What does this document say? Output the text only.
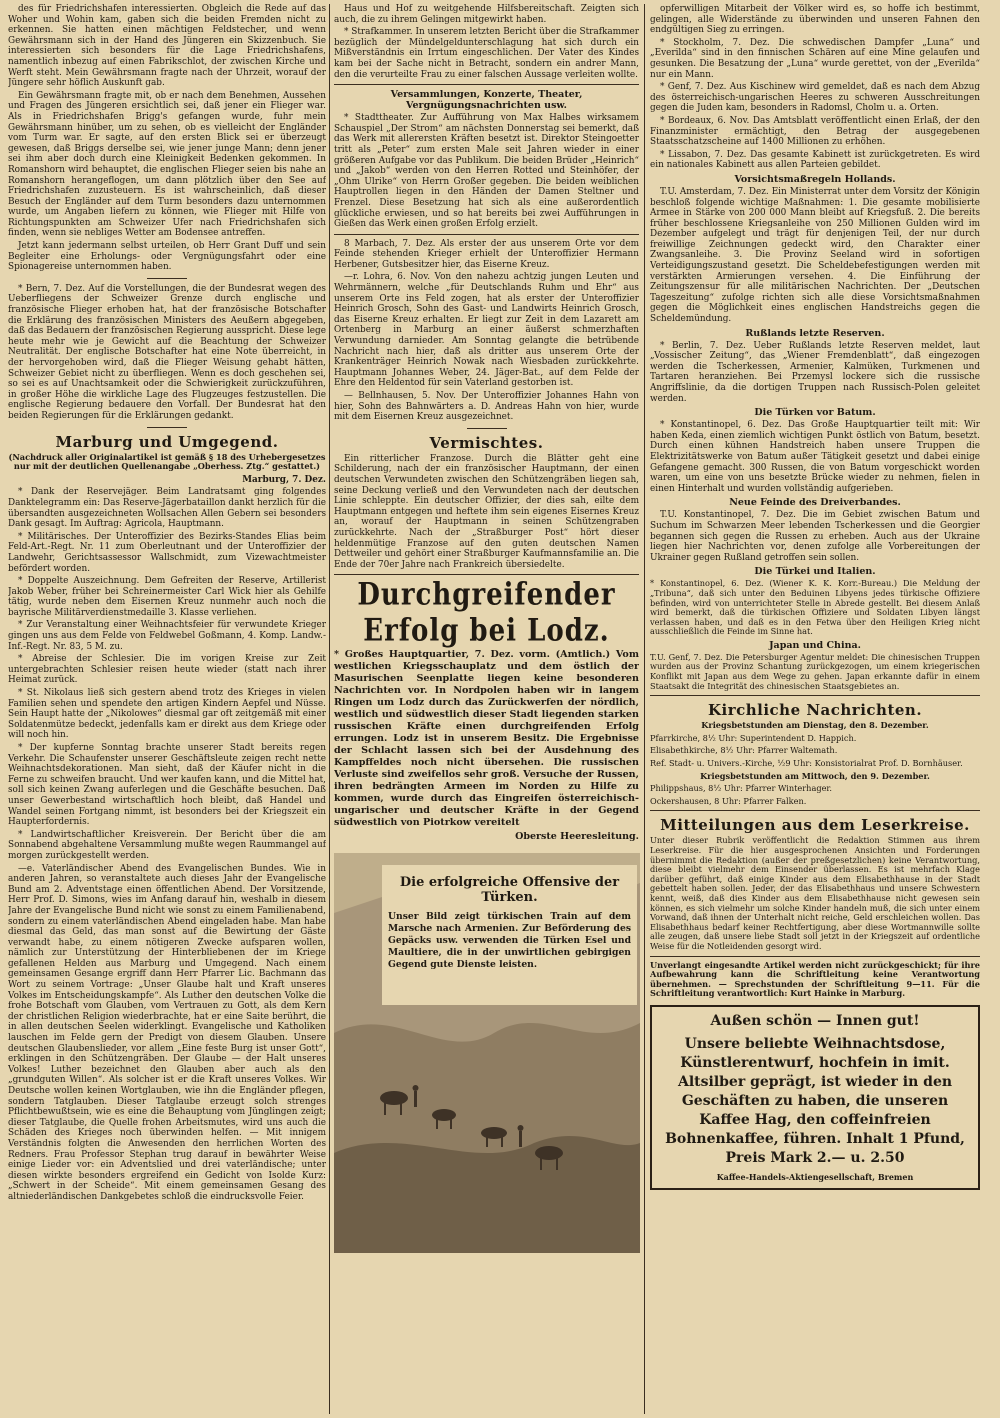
des für Friedrichshafen interessierten. Obgleich die Rede auf das Woher und Wohin kam, gaben sich die beiden Fremden nicht zu erkennen. Sie hatten einen mächtigen Feldstecher, und wenn Gewährsmann sich in der Hand des Jüngeren ein Skizzenbuch. Sie interessierten sich besonders für die Lage Friedrichshafens, namentlich inbezug auf einen Fabrikschlot, der zwischen Kirche und Werft steht. Mein Gewährsmann fragte nach der Uhrzeit, worauf der Jüngere sehr höflich Auskunft gab.

Ein Gewährsmann fragte mit, ob er nach dem Benehmen, Aussehen und Fragen des Jüngeren ersichtlich sei, daß jener ein Flieger war. Als in Friedrichshafen Brigg's gefangen wurde, fuhr mein Gewährsmann hinüber, um zu sehen, ob es vielleicht der Engländer vom Turm war. Er sagte, auf den ersten Blick sei er überzeugt gewesen, daß Briggs derselbe sei, wie jener junge Mann; denn jener sei ihm aber doch durch eine Kleinigkeit Bedenken gekommen. In Romanshorn wird behauptet, die englischen Flieger seien bis nahe an Romanshorn herangeflogen, um dann plötzlich über den See auf Friedrichshafen zuzusteuern. Es ist wahrscheinlich, daß dieser Besuch der Engländer auf dem Turm besonders dazu unternommen wurde, um Angaben liefern zu können, wie Flieger mit Hilfe von Richtungspunkten am Schweizer Ufer nach Friedrichshafen sich finden, wenn sie nebliges Wetter am Bodensee antreffen.

Jetzt kann jedermann selbst urteilen, ob Herr Grant Duff und sein Begleiter eine Erholungs- oder Vergnügungsfahrt oder eine Spionagereise unternommen haben.

* Bern, 7. Dez. Auf die Vorstellungen, die der Bundesrat wegen des Ueberfliegens der Schweizer Grenze durch englische und französische Flieger erhoben hat, hat der französische Botschafter die Erklärung des französischen Ministers des Aeußern abgegeben, daß das Bedauern der französischen Regierung ausspricht. Diese lege heute mehr wie je Gewicht auf die Beachtung der Schweizer Neutralität. Der englische Botschafter hat eine Note überreicht, in der hervorgehoben wird, daß die Flieger Weisung gehabt hätten, Schweizer Gebiet nicht zu überfliegen. Wenn es doch geschehen sei, so sei es auf Unachtsamkeit oder die Schwierigkeit zurückzuführen, in großer Höhe die wirkliche Lage des Flugzeuges festzustellen. Die englische Regierung bedauere den Vorfall. Der Bundesrat hat den beiden Regierungen für die Erklärungen gedankt.

Marburg und Umgegend.

(Nachdruck aller Originalartikel ist gemäß § 18 des Urhebergesetzes nur mit der deutlichen Quellenangabe „Oberhess. Ztg.“ gestattet.)

Marburg, 7. Dez.

* Dank der Reservejäger. Beim Landratsamt ging folgendes Danktelegramm ein: Das Reserve-Jägerbataillon dankt herzlich für die übersandten ausgezeichneten Wollsachen Allen Gebern sei besonders Dank gesagt. Im Auftrag: Agricola, Hauptmann.

* Militärisches. Der Unteroffizier des Bezirks-Standes Elias beim Feld-Art.-Regt. Nr. 11 zum Oberleutnant und der Unteroffizier der Landwehr, Gerichtsassessor Wallschmidt, zum Vizewachtmeister befördert worden.

* Doppelte Auszeichnung. Dem Gefreiten der Reserve, Artillerist Jakob Weber, früher bei Schreinermeister Carl Wick hier als Gehilfe tätig, wurde neben dem Eisernen Kreuz nunmehr auch noch die bayrische Militärverdienstmedaille 3. Klasse verliehen.

* Zur Veranstaltung einer Weihnachtsfeier für verwundete Krieger gingen uns aus dem Felde von Feldwebel Goßmann, 4. Komp. Landw.-Inf.-Regt. Nr. 83, 5 M. zu.

* Abreise der Schlesier. Die im vorigen Kreise zur Zeit untergebrachten Schlesier reisen heute wieder (statt nach ihrer Heimat zurück.

* St. Nikolaus ließ sich gestern abend trotz des Krieges in vielen Familien sehen und spendete den artigen Kindern Aepfel und Nüsse. Sein Haupt hatte der „Nikolowes“ diesmal gar oft zeitgemäß mit einer Soldatenmütze bedeckt, jedenfalls kam er direkt aus dem Kriege oder will noch hin.

* Der kupferne Sonntag brachte unserer Stadt bereits regen Verkehr. Die Schaufenster unserer Geschäftsleute zeigen recht nette Weihnachtsdekorationen. Man sieht, daß der Käufer nicht in die Ferne zu schweifen braucht. Und wer kaufen kann, und die Mittel hat, soll sich keinen Zwang auferlegen und die Geschäfte besuchen. Daß unser Gewerbestand wirtschaftlich hoch bleibt, daß Handel und Wandel seinen Fortgang nimmt, ist besonders bei der Kriegszeit ein Haupterfordernis.

* Landwirtschaftlicher Kreisverein. Der Bericht über die am Sonnabend abgehaltene Versammlung mußte wegen Raummangel auf morgen zurückgestellt werden.

—e. Vaterländischer Abend des Evangelischen Bundes. Wie in anderen Jahren, so veranstaltete auch dieses Jahr der Evangelische Bund am 2. Adventstage einen öffentlichen Abend. Der Vorsitzende, Herr Prof. D. Simons, wies im Anfang darauf hin, weshalb in diesem Jahre der Evangelische Bund nicht wie sonst zu einem Familienabend, sondern zu einem vaterländischen Abend eingeladen habe. Man habe diesmal das Geld, das man sonst auf die Bewirtung der Gäste verwandt habe, zu einem nötigeren Zwecke aufsparen wollen, nämlich zur Unterstützung der Hinterbliebenen der im Kriege gefallenen Helden aus Marburg und Umgegend. Nach einem gemeinsamen Gesange ergriff dann Herr Pfarrer Lic. Bachmann das Wort zu seinem Vortrage: „Unser Glaube halt und Kraft unseres Volkes im Entscheidungskampfe“. Als Luther den deutschen Volke die frohe Botschaft vom Glauben, vom Vertrauen zu Gott, als dem Kern der christlichen Religion wiederbrachte, hat er eine Saite berührt, die in allen deutschen Seelen widerklingt. Evangelische und Katholiken lauschen im Felde gern der Predigt von diesem Glauben. Unsere deutschen Glaubenslieder, vor allem „Eine feste Burg ist unser Gott“, erklingen in den Schützengräben. Der Glaube — der Halt unseres Volkes! Luther bezeichnet den Glauben aber auch als den „grundguten Willen“. Als solcher ist er die Kraft unseres Volkes. Wir Deutsche wollen keinen Wortglauben, wie ihn die Engländer pflegen, sondern Tatglauben. Dieser Tatglaube erzeugt solch strenges Pflichtbewußtsein, wie es eine die Behauptung vom Jünglingen zeigt; dieser Tatglaube, die Quelle frohen Arbeitsmutes, wird uns auch die Schäden des Krieges noch überwinden helfen. — Mit innigem Verständnis folgten die Anwesenden den herrlichen Worten des Redners. Frau Professor Stephan trug darauf in bewährter Weise einige Lieder vor: ein Adventslied und drei vaterländische; unter diesen wirkte besonders ergreifend ein Gedicht von Isolde Kurz: „Schwert in der Scheide“. Mit einem gemeinsamen Gesang des altniederländischen Dankgebetes schloß die eindrucksvolle Feier.

Haus und Hof zu weitgehende Hilfsbereitschaft. Zeigten sich auch, die zu ihrem Gelingen mitgewirkt haben.

* Strafkammer. In unserem letzten Bericht über die Strafkammer bezüglich der Mündelgeldunterschlagung hat sich durch ein Mißverständnis ein Irrtum eingeschlichen. Der Vater des Kindes kam bei der Sache nicht in Betracht, sondern ein andrer Mann, den die verurteilte Frau zu einer falschen Aussage verleiten wollte.

Versammlungen, Konzerte, Theater, Vergnügungsnachrichten usw.

* Stadttheater. Zur Aufführung von Max Halbes wirksamem Schauspiel „Der Strom“ am nächsten Donnerstag sei bemerkt, daß das Werk mit allerersten Kräften besetzt ist. Direktor Steingoetter tritt als „Peter“ zum ersten Male seit Jahren wieder in einer größeren Aufgabe vor das Publikum. Die beiden Brüder „Heinrich“ und „Jakob“ werden von den Herren Rotted und Steinhöfer, der „Ohm Ulrike“ von Herrn Großer gegeben. Die beiden weiblichen Hauptrollen liegen in den Händen der Damen Steltner und Frenzel. Diese Besetzung hat sich als eine außerordentlich glückliche erwiesen, und so hat bereits bei zwei Aufführungen in Gießen das Werk einen großen Erfolg erzielt.

8 Marbach, 7. Dez. Als erster der aus unserem Orte vor dem Feinde stehenden Krieger erhielt der Unteroffizier Hermann Herbener, Gutsbesitzer hier, das Eiserne Kreuz.

—r. Lohra, 6. Nov. Von den nahezu achtzig jungen Leuten und Wehrmännern, welche „für Deutschlands Ruhm und Ehr“ aus unserem Orte ins Feld zogen, hat als erster der Unteroffizier Heinrich Grosch, Sohn des Gast- und Landwirts Heinrich Grosch, das Eiserne Kreuz erhalten. Er liegt zur Zeit in dem Lazarett am Ortenberg in Marburg an einer äußerst schmerzhaften Verwundung darnieder. Am Sonntag gelangte die betrübende Nachricht nach hier, daß als dritter aus unserem Orte der Krankenträger Heinrich Nowak nach Wiesbaden zurückkehrte. Hauptmann Johannes Weber, 24. Jäger-Bat., auf dem Felde der Ehre den Heldentod für sein Vaterland gestorben ist.

— Bellnhausen, 5. Nov. Der Unteroffizier Johannes Hahn von hier, Sohn des Bahnwärters a. D. Andreas Hahn von hier, wurde mit dem Eisernen Kreuz ausgezeichnet.

Vermischtes.

Ein ritterlicher Franzose. Durch die Blätter geht eine Schilderung, nach der ein französischer Hauptmann, der einen deutschen Verwundeten zwischen den Schützengräben liegen sah, seine Deckung verließ und den Verwundeten nach der deutschen Linie schleppte. Ein deutscher Offizier, der dies sah, eilte dem Hauptmann entgegen und heftete ihm sein eigenes Eisernes Kreuz an, worauf der Hauptmann in seinen Schützengraben zurückkehrte. Nach der „Straßburger Post“ hört dieser heldenmütige Franzose auf den guten deutschen Namen Dettweiler und gehört einer Straßburger Kaufmannsfamilie an. Die Ende der 70er Jahre nach Frankreich übersiedelte.

Durchgreifender Erfolg bei Lodz.

* Großes Hauptquartier, 7. Dez. vorm. (Amtlich.) Vom westlichen Kriegsschauplatz und dem östlich der Masurischen Seenplatte liegen keine besonderen Nachrichten vor. In Nordpolen haben wir in langem Ringen um Lodz durch das Zurückwerfen der nördlich, westlich und südwestlich dieser Stadt liegenden starken russischen Kräfte einen durchgreifenden Erfolg errungen. Lodz ist in unserem Besitz. Die Ergebnisse der Schlacht lassen sich bei der Ausdehnung des Kampffeldes noch nicht übersehen. Die russischen Verluste sind zweifellos sehr groß. Versuche der Russen, ihren bedrängten Armeen im Norden zu Hilfe zu kommen, wurde durch das Eingreifen österreichisch-ungarischer und deutscher Kräfte in der Gegend südwestlich von Piotrkow vereitelt

Oberste Heeresleitung.

Die erfolgreiche Offensive der Türken.
Unser Bild zeigt türkischen Train auf dem Marsche nach Armenien. Zur Beförderung des Gepäcks usw. verwenden die Türken Esel und Maultiere, die in der unwirtlichen gebirgigen Gegend gute Dienste leisten.

opferwilligen Mitarbeit der Völker wird es, so hoffe ich bestimmt, gelingen, alle Widerstände zu überwinden und unseren Fahnen den endgültigen Sieg zu erringen.

* Stockholm, 7. Dez. Die schwedischen Dampfer „Luna“ und „Everilda“ sind in den finnischen Schären auf eine Mine gelaufen und gesunken. Die Besatzung der „Luna“ wurde gerettet, von der „Everilda“ nur ein Mann.

* Genf, 7. Dez. Aus Kischinew wird gemeldet, daß es nach dem Abzug des österreichisch-ungarischen Heeres zu schweren Ausschreitungen gegen die Juden kam, besonders in Radomsl, Cholm u. a. Orten.

* Bordeaux, 6. Nov. Das Amtsblatt veröffentlicht einen Erlaß, der den Finanzminister ermächtigt, den Betrag der ausgegebenen Staatsschatzscheine auf 1400 Millionen zu erhöhen.

* Lissabon, 7. Dez. Das gesamte Kabinett ist zurückgetreten. Es wird ein nationales Kabinett aus allen Parteien gebildet.

Vorsichtsmaßregeln Hollands.

T.U. Amsterdam, 7. Dez. Ein Ministerrat unter dem Vorsitz der Königin beschloß folgende wichtige Maßnahmen: 1. Die gesamte mobilisierte Armee in Stärke von 200 000 Mann bleibt auf Kriegsfuß. 2. Die bereits früher beschlossene Kriegsanleihe von 250 Millionen Gulden wird im Dezember aufgelegt und trägt für denjenigen Teil, der nur durch freiwillige Zeichnungen gedeckt wird, den Charakter einer Zwangsanleihe. 3. Die Provinz Seeland wird in sofortigen Verteidigungszustand gesetzt. Die Scheldebefestigungen werden mit verstärkten Armierungen versehen. 4. Die Einführung der Zeitungszensur für alle militärischen Nachrichten. Der „Deutschen Tageszeitung“ zufolge richten sich alle diese Vorsichtsmaßnahmen gegen die Möglichkeit eines englischen Handstreichs gegen die Scheldemündung.

Rußlands letzte Reserven.

* Berlin, 7. Dez. Ueber Rußlands letzte Reserven meldet, laut „Vossischer Zeitung“, das „Wiener Fremdenblatt“, daß eingezogen werden die Tscherkessen, Armenier, Kalmüken, Turkmenen und Tartaren heranziehen. Bei Przemysl lockere sich die russische Angriffslinie, da die dortigen Truppen nach Russisch-Polen geleitet werden.

Die Türken vor Batum.

* Konstantinopel, 6. Dez. Das Große Hauptquartier teilt mit: Wir haben Keda, einen ziemlich wichtigen Punkt östlich von Batum, besetzt. Durch einen kühnen Handstreich haben unsere Truppen die Elektrizitätswerke von Batum außer Tätigkeit gesetzt und dabei einige Gefangene gemacht. 300 Russen, die von Batum vorgeschickt worden waren, um eine von uns besetzte Brücke wieder zu nehmen, fielen in einen Hinterhalt und wurden vollständig aufgerieben.

Neue Feinde des Dreiverbandes.

T.U. Konstantinopel, 7. Dez. Die im Gebiet zwischen Batum und Suchum im Schwarzen Meer lebenden Tscherkessen und die Georgier begannen sich gegen die Russen zu erheben. Auch aus der Ukraine liegen hier Nachrichten vor, denen zufolge alle Vorbereitungen der Ukrainer gegen Rußland getroffen sein sollen.

Die Türkei und Italien.

* Konstantinopel, 6. Dez. (Wiener K. K. Korr.-Bureau.) Die Meldung der „Tribuna“, daß sich unter den Beduinen Libyens jedes türkische Offiziere befinden, wird von unterrichteter Stelle in Abrede gestellt. Bei diesem Anlaß wird bemerkt, daß die türkischen Offiziere und Soldaten Libyen längst verlassen haben, und daß es in den Fetwa über den Heiligen Krieg nicht ausschließlich die Feinde im Sinne hat.

Japan und China.

T.U. Genf, 7. Dez. Die Petersburger Agentur meldet: Die chinesischen Truppen wurden aus der Provinz Schantung zurückgezogen, um einem kriegerischen Konflikt mit Japan aus dem Wege zu gehen. Japan erkannte dafür in einem Staatsakt die Integrität des chinesischen Staatsgebietes an.

Kirchliche Nachrichten.

Kriegsbetstunden am Dienstag, den 8. Dezember.

Pfarrkirche, 8½ Uhr: Superintendent D. Happich.

Elisabethkirche, 8½ Uhr: Pfarrer Waltemath.

Ref. Stadt- u. Univers.-Kirche, ½9 Uhr: Konsistorialrat Prof. D. Bornhäuser.

Kriegsbetstunden am Mittwoch, den 9. Dezember.

Philippshaus, 8½ Uhr: Pfarrer Winterhager.

Ockershausen, 8 Uhr: Pfarrer Falken.

Mitteilungen aus dem Leserkreise.

Unter dieser Rubrik veröffentlicht die Redaktion Stimmen aus ihrem Leserkreise. Für die hier ausgesprochenen Ansichten und Forderungen übernimmt die Redaktion (außer der preßgesetzlichen) keine Verantwortung, diese bleibt vielmehr dem Einsender überlassen. Es ist mehrfach Klage darüber geführt, daß einige Kinder aus dem Elisabethhause in der Stadt gebettelt haben sollen. Jeder, der das Elisabethhaus und unsere Schwestern kennt, weiß, daß dies Kinder aus dem Elisabethhause nicht gewesen sein können, es sich vielmehr um solche Kinder handeln muß, die sich unter einem Vorwand, daß ihnen der Unterhalt nicht reiche, Geld erschleichen wollen. Das Elisabethhaus bedarf keiner Rechtfertigung, aber diese Wortmannwille sollte alle zeugen, daß unsere liebe Stadt soll jetzt in der Kriegszeit auf ordentliche Weise für die Notleidenden gesorgt wird.

Unverlangt eingesandte Artikel werden nicht zurückgeschickt; für ihre Aufbewahrung kann die Schriftleitung keine Verantwortung übernehmen. — Sprechstunden der Schriftleitung 9—11. Für die Schriftleitung verantwortlich: Kurt Hainke in Marburg.

Außen schön — Innen gut!
Unsere beliebte Weihnachtsdose, Künstlerentwurf, hochfein in imit. Altsilber geprägt, ist wieder in den Geschäften zu haben, die unseren Kaffee Hag, den coffeinfreien Bohnenkaffee, führen. Inhalt 1 Pfund, Preis Mark 2.— u. 2.50
Kaffee-Handels-Aktiengesellschaft, Bremen
